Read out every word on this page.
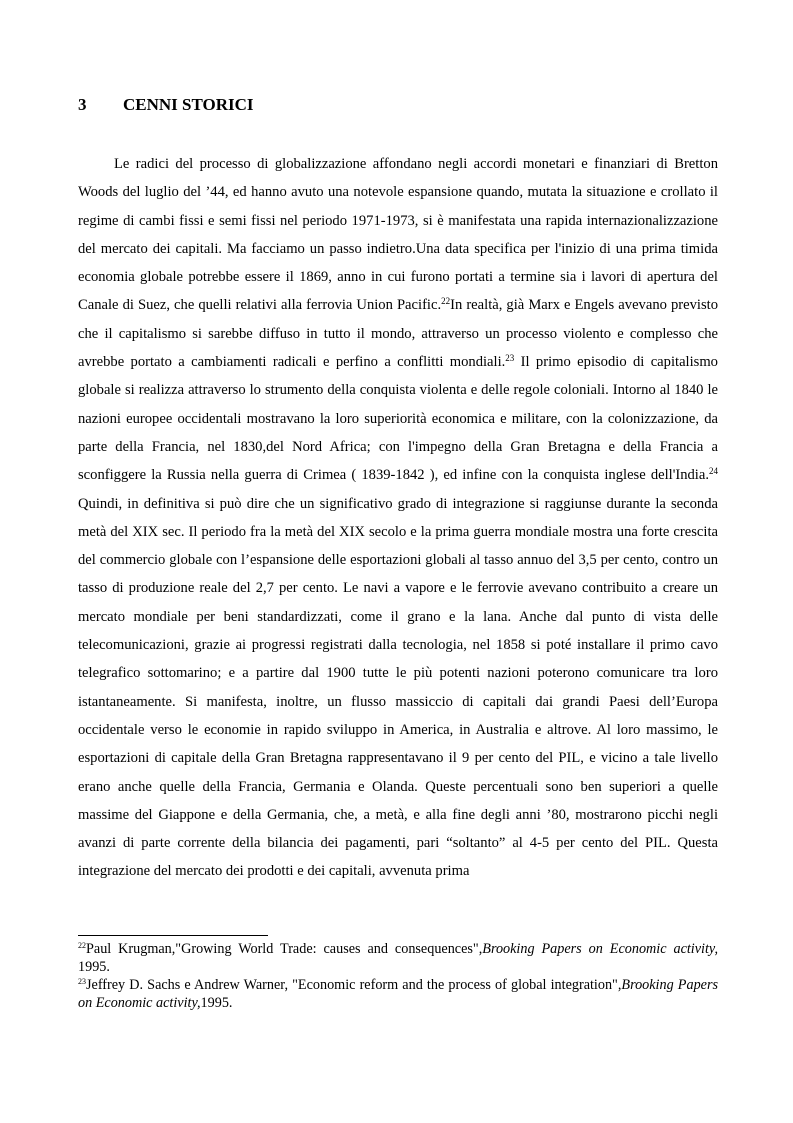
3 CENNI STORICI

Le radici del processo di globalizzazione affondano negli accordi monetari e finanziari di Bretton Woods del luglio del ’44, ed hanno avuto una notevole espansione quando, mutata la situazione e crollato il regime di cambi fissi e semi fissi nel periodo 1971-1973, si è manifestata una rapida internazionalizzazione del mercato dei capitali. Ma facciamo un passo indietro.Una data specifica per l'inizio di una prima timida economia globale potrebbe essere il 1869, anno in cui furono portati a termine sia i lavori di apertura del Canale di Suez, che quelli relativi alla ferrovia Union Pacific.$^{22}$In realtà, già Marx e Engels avevano previsto che il capitalismo si sarebbe diffuso in tutto il mondo, attraverso un processo violento e complesso che avrebbe portato a cambiamenti radicali e perfino a conflitti mondiali.$^{23}$ Il primo episodio di capitalismo globale si realizza attraverso lo strumento della conquista violenta e delle regole coloniali. Intorno al 1840 le nazioni europee occidentali mostravano la loro superiorità economica e militare, con la colonizzazione, da parte della Francia, nel 1830,del Nord Africa; con l'impegno della Gran Bretagna e della Francia a sconfiggere la Russia nella guerra di Crimea ( 1839-1842 ), ed infine con la conquista inglese dell'India.$^{24}$ Quindi, in definitiva si può dire che un significativo grado di integrazione si raggiunse durante la seconda metà del XIX sec. Il periodo fra la metà del XIX secolo e la prima guerra mondiale mostra una forte crescita del commercio globale con l’espansione delle esportazioni globali al tasso annuo del 3,5 per cento, contro un tasso di produzione reale del 2,7 per cento. Le navi a vapore e le ferrovie avevano contribuito a creare un mercato mondiale per beni standardizzati, come il grano e la lana. Anche dal punto di vista delle telecomunicazioni, grazie ai progressi registrati dalla tecnologia, nel 1858 si poté installare il primo cavo telegrafico sottomarino; e a partire dal 1900 tutte le più potenti nazioni poterono comunicare tra loro istantaneamente. Si manifesta, inoltre, un flusso massiccio di capitali dai grandi Paesi dell’Europa occidentale verso le economie in rapido sviluppo in America, in Australia e altrove. Al loro massimo, le esportazioni di capitale della Gran Bretagna rappresentavano il 9 per cento del PIL, e vicino a tale livello erano anche quelle della Francia, Germania e Olanda. Queste percentuali sono ben superiori a quelle massime del Giappone e della Germania, che, a metà, e alla fine degli anni ’80, mostrarono picchi negli avanzi di parte corrente della bilancia dei pagamenti, pari “soltanto” al 4-5 per cento del PIL. Questa integrazione del mercato dei prodotti e dei capitali, avvenuta prima

$^{22}$Paul Krugman,"Growing World Trade: causes and consequences",Brooking Papers on Economic activity, 1995.

$^{23}$Jeffrey D. Sachs e Andrew Warner, "Economic reform and the process of global integration",Brooking Papers on Economic activity,1995.
